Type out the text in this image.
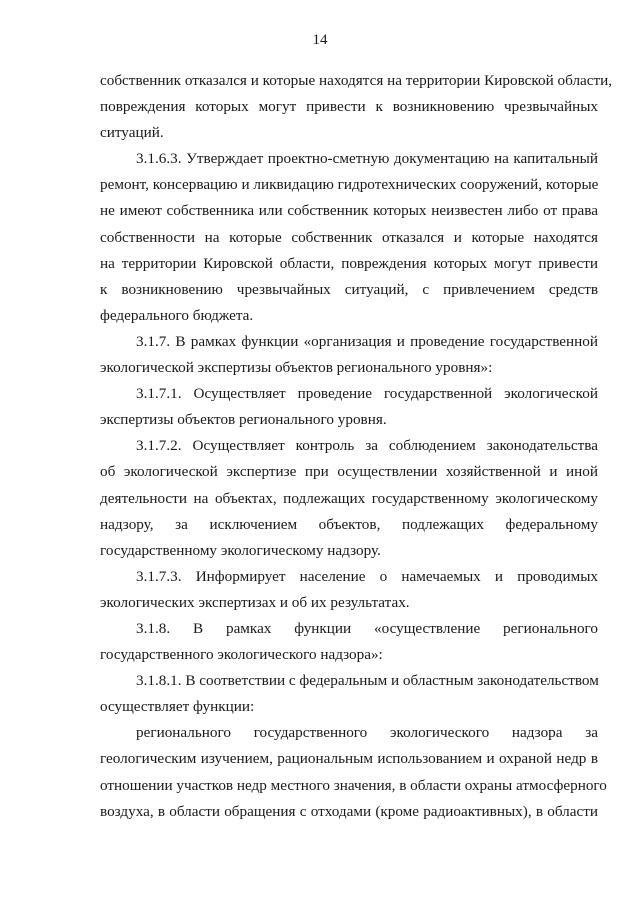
14
собственник отказался и которые находятся на территории Кировской области,
повреждения которых могут привести к возникновению чрезвычайных
ситуаций.
3.1.6.3. Утверждает проектно-сметную документацию на капитальный
ремонт, консервацию и ликвидацию гидротехнических сооружений, которые
не имеют собственника или собственник которых неизвестен либо от права
собственности на которые собственник отказался и которые находятся
на территории Кировской области, повреждения которых могут привести
к возникновению чрезвычайных ситуаций, с привлечением средств
федерального бюджета.
3.1.7. В рамках функции «организация и проведение государственной
экологической экспертизы объектов регионального уровня»:
3.1.7.1. Осуществляет проведение государственной экологической
экспертизы объектов регионального уровня.
3.1.7.2. Осуществляет контроль за соблюдением законодательства
об экологической экспертизе при осуществлении хозяйственной и иной
деятельности на объектах, подлежащих государственному экологическому
надзору, за исключением объектов, подлежащих федеральному
государственному экологическому надзору.
3.1.7.3. Информирует население о намечаемых и проводимых
экологических экспертизах и об их результатах.
3.1.8. В рамках функции «осуществление регионального
государственного экологического надзора»:
3.1.8.1. В соответствии с федеральным и областным законодательством
осуществляет функции:
регионального государственного экологического надзора за
геологическим изучением, рациональным использованием и охраной недр в
отношении участков недр местного значения, в области охраны атмосферного
воздуха, в области обращения с отходами (кроме радиоактивных), в области
